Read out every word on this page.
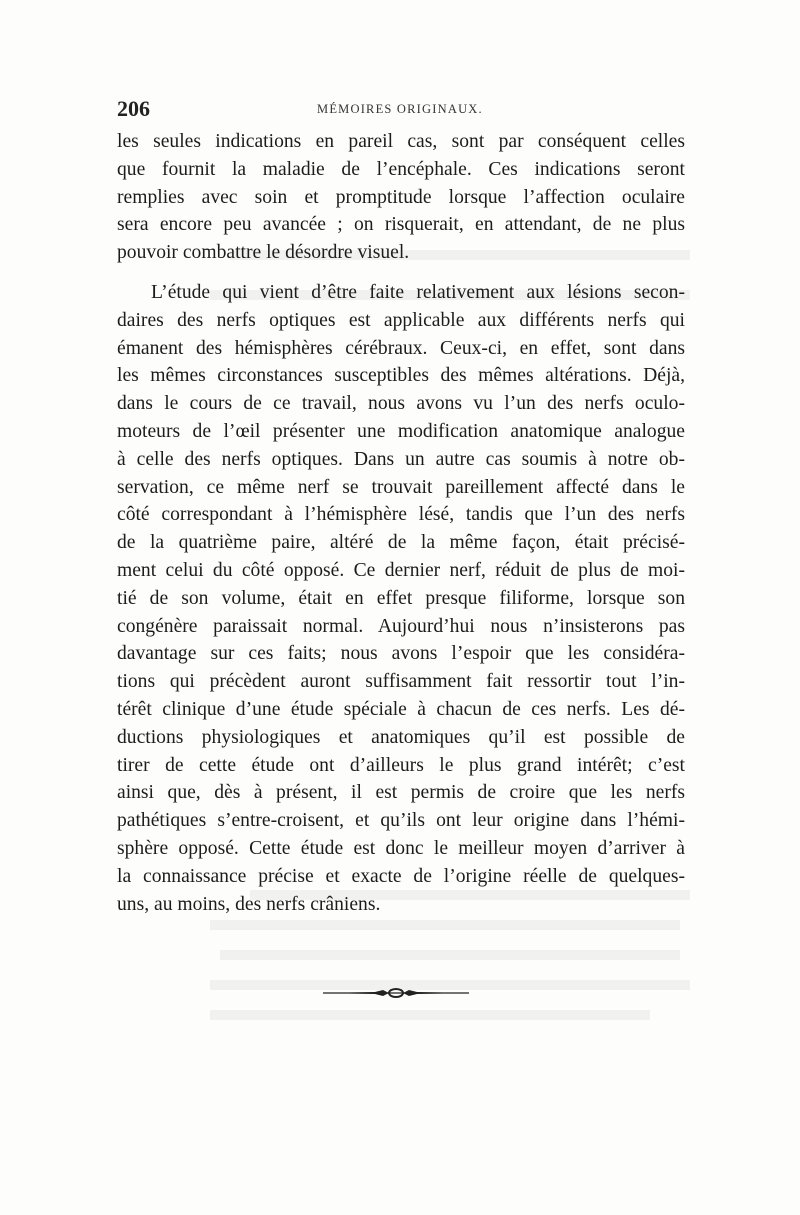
206	MÉMOIRES ORIGINAUX.

les seules indications en pareil cas, sont par conséquent celles
que fournit la maladie de l’encéphale. Ces indications seront
remplies avec soin et promptitude lorsque l’affection oculaire
sera encore peu avancée ; on risquerait, en attendant, de ne plus
pouvoir combattre le désordre visuel.

L’étude qui vient d’être faite relativement aux lésions secon-
daires des nerfs optiques est applicable aux différents nerfs qui
émanent des hémisphères cérébraux. Ceux-ci, en effet, sont dans
les mêmes circonstances susceptibles des mêmes altérations. Déjà,
dans le cours de ce travail, nous avons vu l’un des nerfs oculo-
moteurs de l’œil présenter une modification anatomique analogue
à celle des nerfs optiques. Dans un autre cas soumis à notre ob-
servation, ce même nerf se trouvait pareillement affecté dans le
côté correspondant à l’hémisphère lésé, tandis que l’un des nerfs
de la quatrième paire, altéré de la même façon, était précisé-
ment celui du côté opposé. Ce dernier nerf, réduit de plus de moi-
tié de son volume, était en effet presque filiforme, lorsque son
congénère paraissait normal. Aujourd’hui nous n’insisterons pas
davantage sur ces faits; nous avons l’espoir que les considéra-
tions qui précèdent auront suffisamment fait ressortir tout l’in-
térêt clinique d’une étude spéciale à chacun de ces nerfs. Les dé-
ductions physiologiques et anatomiques qu’il est possible de
tirer de cette étude ont d’ailleurs le plus grand intérêt; c’est
ainsi que, dès à présent, il est permis de croire que les nerfs
pathétiques s’entre-croisent, et qu’ils ont leur origine dans l’hémi-
sphère opposé. Cette étude est donc le meilleur moyen d’arriver à
la connaissance précise et exacte de l’origine réelle de quelques-
uns, au moins, des nerfs crâniens.
